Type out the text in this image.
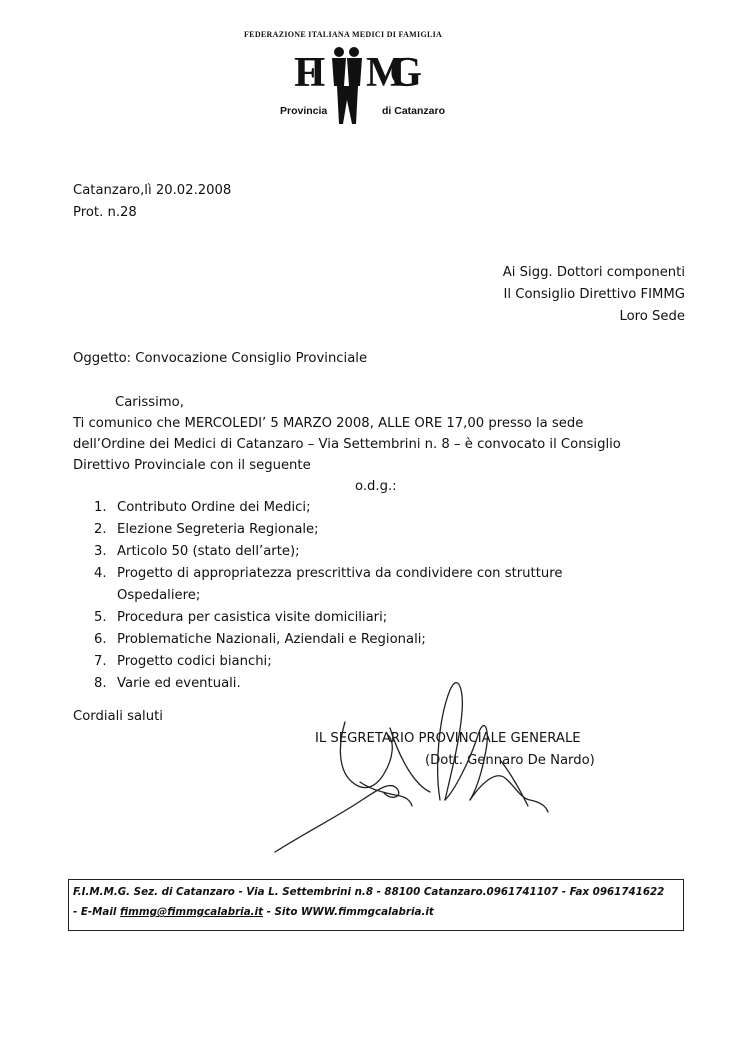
FEDERAZIONE ITALIANA MEDICI DI FAMIGLIA
FI MG
Provincia	di Catanzaro
Catanzaro,lì 20.02.2008
Prot. n.28
Ai Sigg. Dottori componenti
Il Consiglio Direttivo FIMMG
Loro Sede
Oggetto: Convocazione Consiglio Provinciale
Carissimo,
Ti comunico che MERCOLEDI’ 5 MARZO 2008, ALLE ORE 17,00 presso la sede
dell’Ordine dei Medici di Catanzaro – Via Settembrini n. 8 – è convocato il Consiglio
Direttivo Provinciale con il seguente
o.d.g.:
1. Contributo Ordine dei Medici;
2. Elezione Segreteria Regionale;
3. Articolo 50 (stato dell’arte);
4. Progetto di appropriatezza prescrittiva da condividere con strutture
Ospedaliere;
5. Procedura per casistica visite domiciliari;
6. Problematiche Nazionali, Aziendali e Regionali;
7. Progetto codici bianchi;
8. Varie ed eventuali.
Cordiali saluti
IL SEGRETARIO PROVINCIALE GENERALE
(Dott. Gennaro De Nardo)
F.I.M.M.G. Sez. di Catanzaro - Via L. Settembrini n.8 - 88100 Catanzaro.0961741107 - Fax 0961741622
- E-Mail fimmg@fimmgcalabria.it - Sito WWW.fimmgcalabria.it
